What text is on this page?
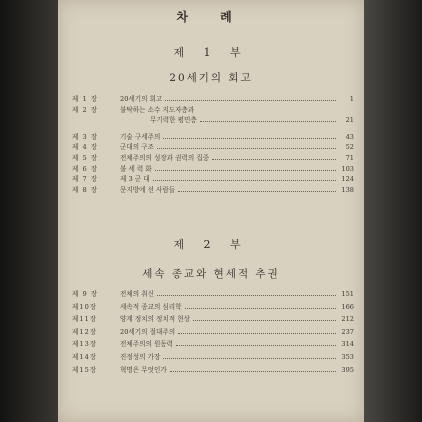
차 례
제 1 부
20세기의 회고
제 1 장	20세기의 회고	1
제 2 장	불탁하는 소수 지도자층과
무기력한 평민층	21
제 3 장	기술 구세주의	43
제 4 장	군대의 구조	52
제 5 장	전체주의의 성장과 권력의 집중	71
제 6 장	불 세 력 화	103
제 7 장	제 3 군 대	124
제 8 장	문지방에 선 사람들	138
제 2 부
세속 종교와 현세적 추권
제 9 장	전체의 취신	151
제10장	세속적 종교의 심리학	166
제11장	양계 정치의 정치적 현상	212
제12장	20세기의 절대주의	237
제13장	전체주의의 원동력	314
제14장	진정성의 가장	353
제15장	혁명은 무엇인가	395
